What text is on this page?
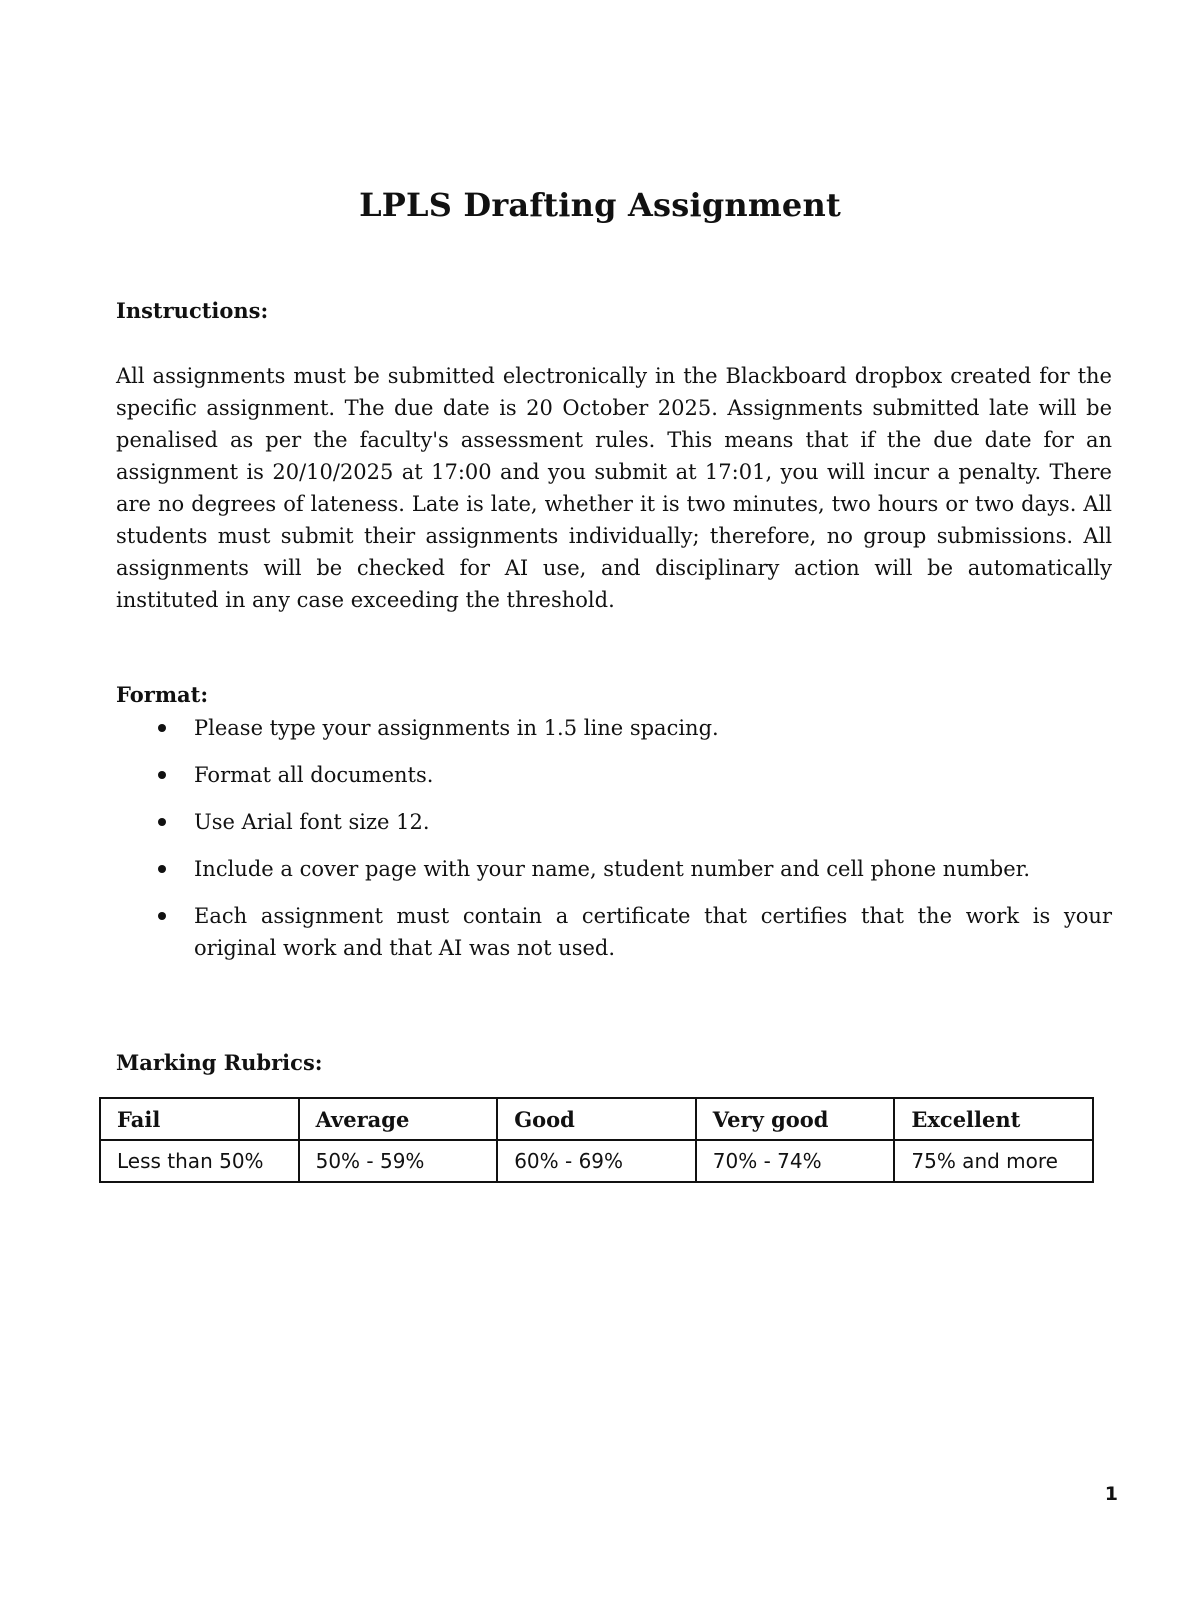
LPLS Drafting Assignment
Instructions:
All assignments must be submitted electronically in the Blackboard dropbox created for the specific assignment. The due date is 20 October 2025. Assignments submitted late will be penalised as per the faculty's assessment rules. This means that if the due date for an assignment is 20/10/2025 at 17:00 and you submit at 17:01, you will incur a penalty. There are no degrees of lateness. Late is late, whether it is two minutes, two hours or two days. All students must submit their assignments individually; therefore, no group submissions. All assignments will be checked for AI use, and disciplinary action will be automatically instituted in any case exceeding the threshold.
Format:
Please type your assignments in 1.5 line spacing.
Format all documents.
Use Arial font size 12.
Include a cover page with your name, student number and cell phone number.
Each assignment must contain a certificate that certifies that the work is your original work and that AI was not used.
Marking Rubrics:
Fail	Average	Good	Very good	Excellent
Less than 50%	50% - 59%	60% - 69%	70% - 74%	75% and more
1
